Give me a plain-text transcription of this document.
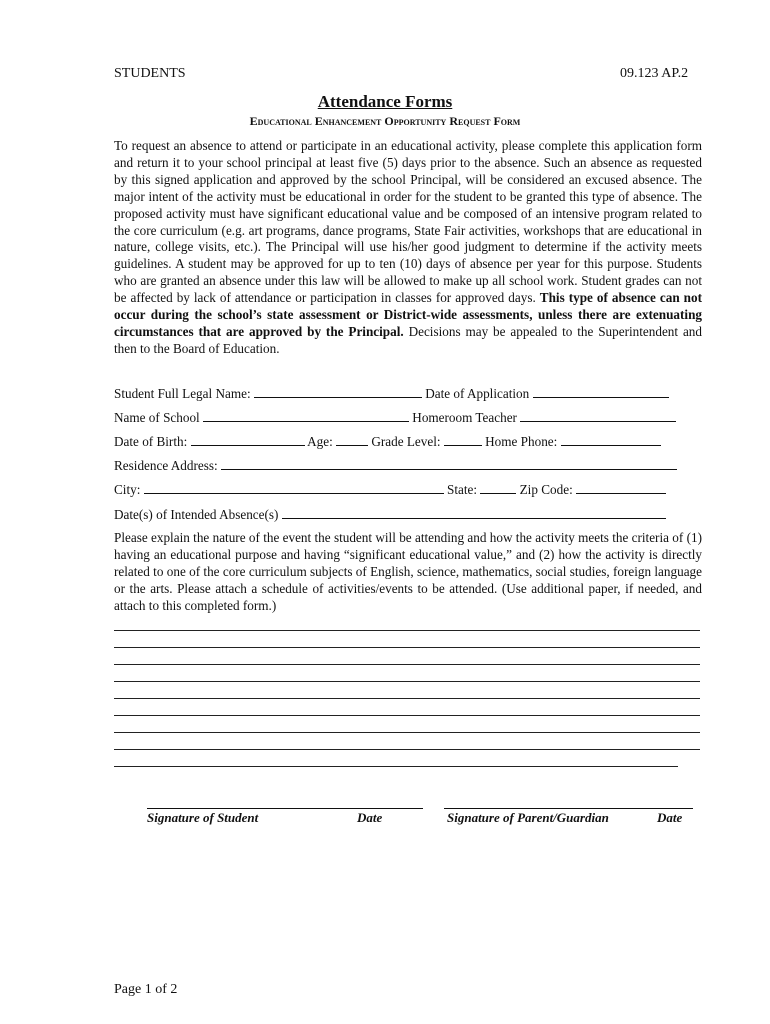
STUDENTS	09.123 AP.2
Attendance Forms
Educational Enhancement Opportunity Request Form

To request an absence to attend or participate in an educational activity, please complete this application form and return it to your school principal at least five (5) days prior to the absence. Such an absence as requested by this signed application and approved by the school Principal, will be considered an excused absence. The major intent of the activity must be educational in order for the student to be granted this type of absence. The proposed activity must have significant educational value and be composed of an intensive program related to the core curriculum (e.g. art programs, dance programs, State Fair activities, workshops that are educational in nature, college visits, etc.). The Principal will use his/her good judgment to determine if the activity meets guidelines. A student may be approved for up to ten (10) days of absence per year for this purpose. Students who are granted an absence under this law will be allowed to make up all school work. Student grades can not be affected by lack of attendance or participation in classes for approved days. This type of absence can not occur during the school’s state assessment or District-wide assessments, unless there are extenuating circumstances that are approved by the Principal. Decisions may be appealed to the Superintendent and then to the Board of Education.

Student Full Legal Name:	Date of Application
Name of School	Homeroom Teacher
Date of Birth:	Age:	Grade Level:	Home Phone:
Residence Address:
City:	State:	Zip Code:
Date(s) of Intended Absence(s)

Please explain the nature of the event the student will be attending and how the activity meets the criteria of (1) having an educational purpose and having “significant educational value,” and (2) how the activity is directly related to one of the core curriculum subjects of English, science, mathematics, social studies, foreign language or the arts. Please attach a schedule of activities/events to be attended. (Use additional paper, if needed, and attach to this completed form.)

Signature of Student	Date	Signature of Parent/Guardian	Date
Page 1 of 2
